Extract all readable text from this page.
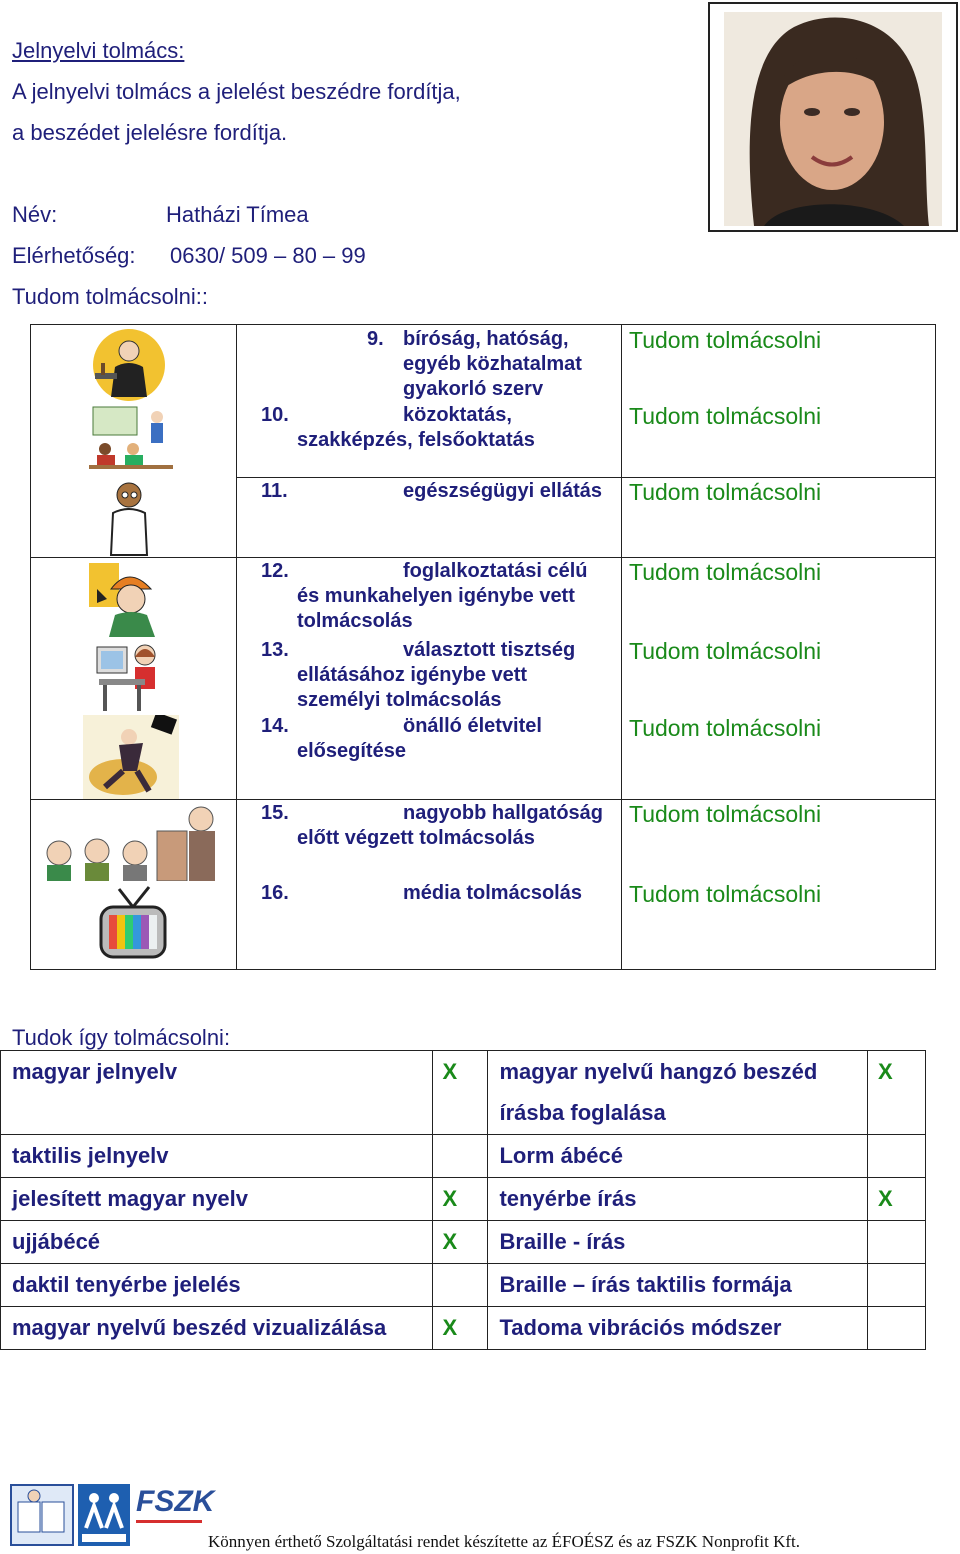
Jelnyelvi tolmács:
A jelnyelvi tolmács a jelelést beszédre fordítja,
a beszédet jelelésre fordítja.
Név:	Hatházi Tímea
Elérhetőség: 0630/ 509 – 80 – 99
Tudom tolmácsolni::
9. bíróság, hatóság, egyéb közhatalmat gyakorló szerv
Tudom tolmácsolni
10.	közoktatás, szakképzés, felsőoktatás
Tudom tolmácsolni
11.	egészségügyi ellátás	Tudom tolmácsolni
12.	foglalkoztatási célú és munkahelyen igénybe vett tolmácsolás
Tudom tolmácsolni
13.	választott tisztség ellátásához igénybe vett személyi tolmácsolás
Tudom tolmácsolni
14.	önálló életvitel elősegítése
Tudom tolmácsolni
15.	nagyobb hallgatóság előtt végzett tolmácsolás
Tudom tolmácsolni
16.	média tolmácsolás	Tudom tolmácsolni
Tudok így tolmácsolni:
magyar jelnyelv	X	magyar nyelvű hangzó beszéd írásba foglalása	X
taktilis jelnyelv		Lorm ábécé	
jelesített magyar nyelv	X	tenyérbe írás	X
ujjábécé	X	Braille - írás	
daktil tenyérbe jelelés		Braille – írás taktilis formája	
magyar nyelvű beszéd vizualizálása	X	Tadoma vibrációs módszer	
FSZK
Könnyen érthető Szolgáltatási rendet készítette az ÉFOÉSZ és az FSZK Nonprofit Kft.
